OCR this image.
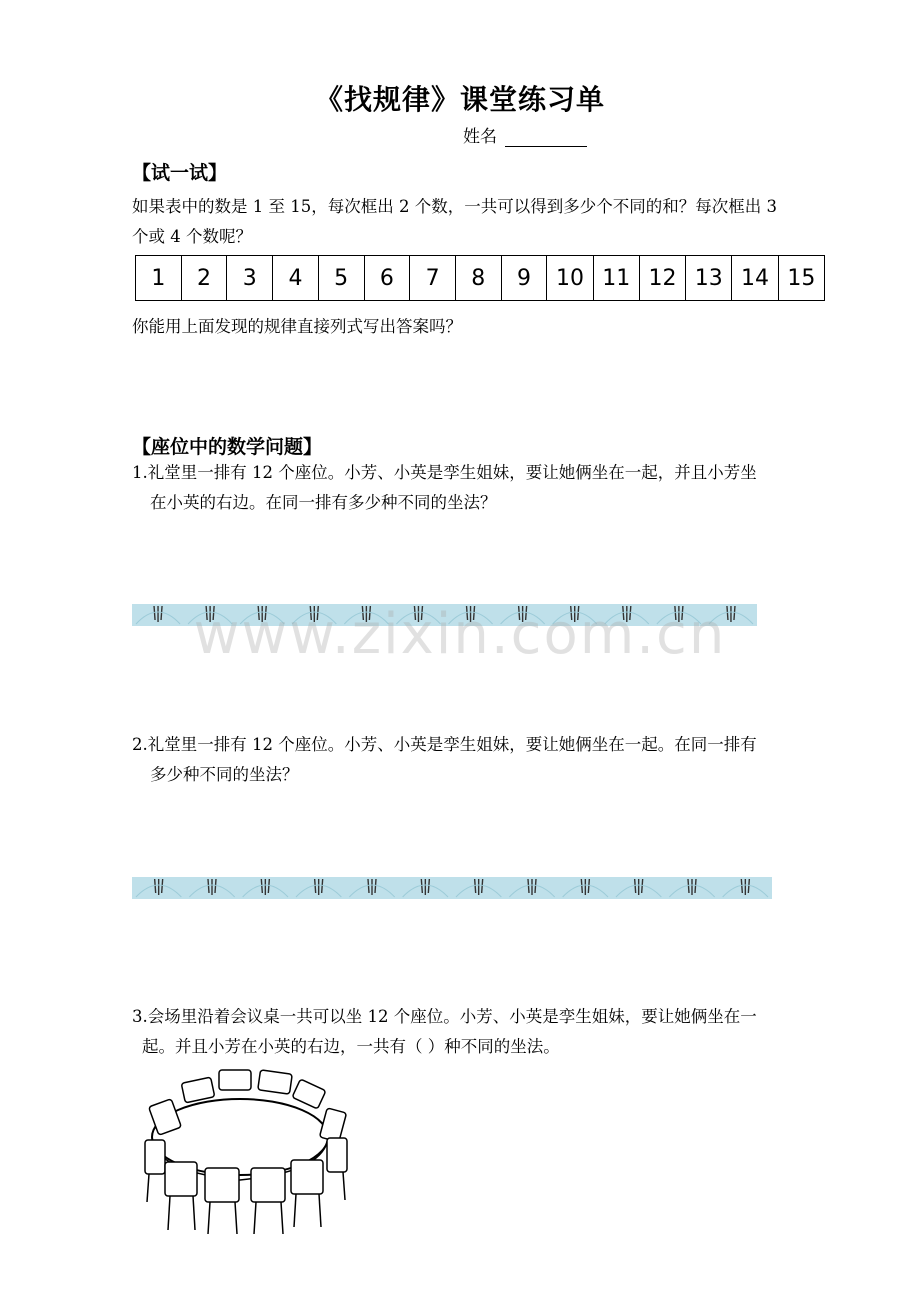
《找规律》课堂练习单
姓名
【试一试】
如果表中的数是 1 至 15，每次框出 2 个数，一共可以得到多少个不同的和？每次框出 3
个或 4 个数呢？
1	2	3	4	5	6	7	8	9	10	11	12	13	14	15
你能用上面发现的规律直接列式写出答案吗？
【座位中的数学问题】
1.礼堂里一排有 12 个座位。小芳、小英是孪生姐妹，要让她俩坐在一起，并且小芳坐
在小英的右边。在同一排有多少种不同的坐法？
www.zixin.com.cn
2.礼堂里一排有 12 个座位。小芳、小英是孪生姐妹，要让她俩坐在一起。在同一排有
多少种不同的坐法？
3.会场里沿着会议桌一共可以坐 12 个座位。小芳、小英是孪生姐妹，要让她俩坐在一
起。并且小芳在小英的右边，一共有（ ）种不同的坐法。
